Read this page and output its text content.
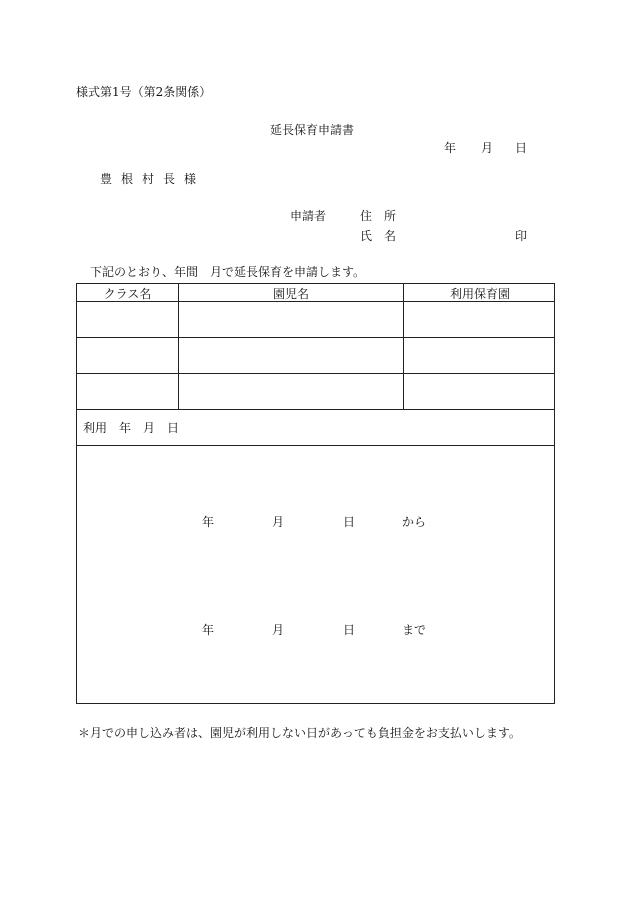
様式第1号（第2条関係）
延長保育申請書
年 月 日
豊根村長様
申請者	住　所
氏　名	印
下記のとおり、年間　月で延長保育を申請します。
クラス名	園児名	利用保育園
利用　年　月　日
年	月	日	から
年	月	日	まで
＊月での申し込み者は、園児が利用しない日があっても負担金をお支払いします。
